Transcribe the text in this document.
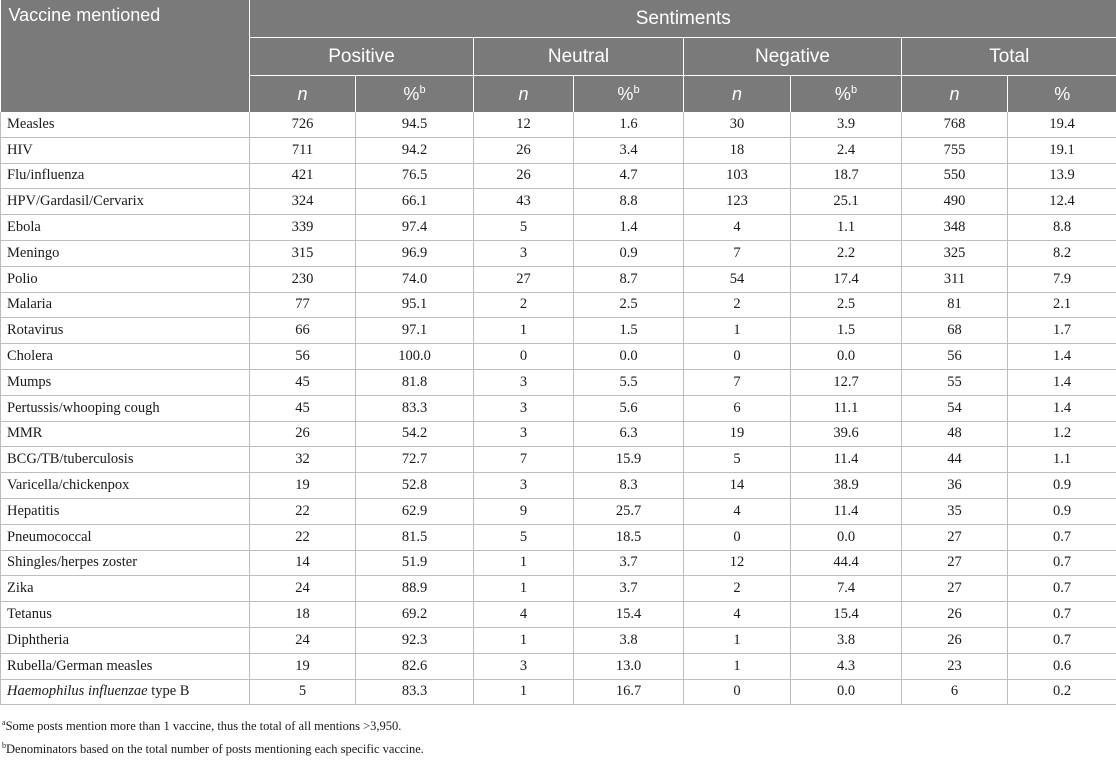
Vaccine mentioned	Sentiments							
	Positive		Neutral		Negative		Total	
	n	%$^b$	n	%$^b$	n	%$^b$	n	%
Measles	726	94.5	12	1.6	30	3.9	768	19.4
HIV	711	94.2	26	3.4	18	2.4	755	19.1
Flu/influenza	421	76.5	26	4.7	103	18.7	550	13.9
HPV/Gardasil/Cervarix	324	66.1	43	8.8	123	25.1	490	12.4
Ebola	339	97.4	5	1.4	4	1.1	348	8.8
Meningo	315	96.9	3	0.9	7	2.2	325	8.2
Polio	230	74.0	27	8.7	54	17.4	311	7.9
Malaria	77	95.1	2	2.5	2	2.5	81	2.1
Rotavirus	66	97.1	1	1.5	1	1.5	68	1.7
Cholera	56	100.0	0	0.0	0	0.0	56	1.4
Mumps	45	81.8	3	5.5	7	12.7	55	1.4
Pertussis/whooping cough	45	83.3	3	5.6	6	11.1	54	1.4
MMR	26	54.2	3	6.3	19	39.6	48	1.2
BCG/TB/tuberculosis	32	72.7	7	15.9	5	11.4	44	1.1
Varicella/chickenpox	19	52.8	3	8.3	14	38.9	36	0.9
Hepatitis	22	62.9	9	25.7	4	11.4	35	0.9
Pneumococcal	22	81.5	5	18.5	0	0.0	27	0.7
Shingles/herpes zoster	14	51.9	1	3.7	12	44.4	27	0.7
Zika	24	88.9	1	3.7	2	7.4	27	0.7
Tetanus	18	69.2	4	15.4	4	15.4	26	0.7
Diphtheria	24	92.3	1	3.8	1	3.8	26	0.7
Rubella/German measles	19	82.6	3	13.0	1	4.3	23	0.6
Haemophilus influenzae type B	5	83.3	1	16.7	0	0.0	6	0.2
$^a$Some posts mention more than 1 vaccine, thus the total of all mentions >3,950.
$^b$Denominators based on the total number of posts mentioning each specific vaccine.
